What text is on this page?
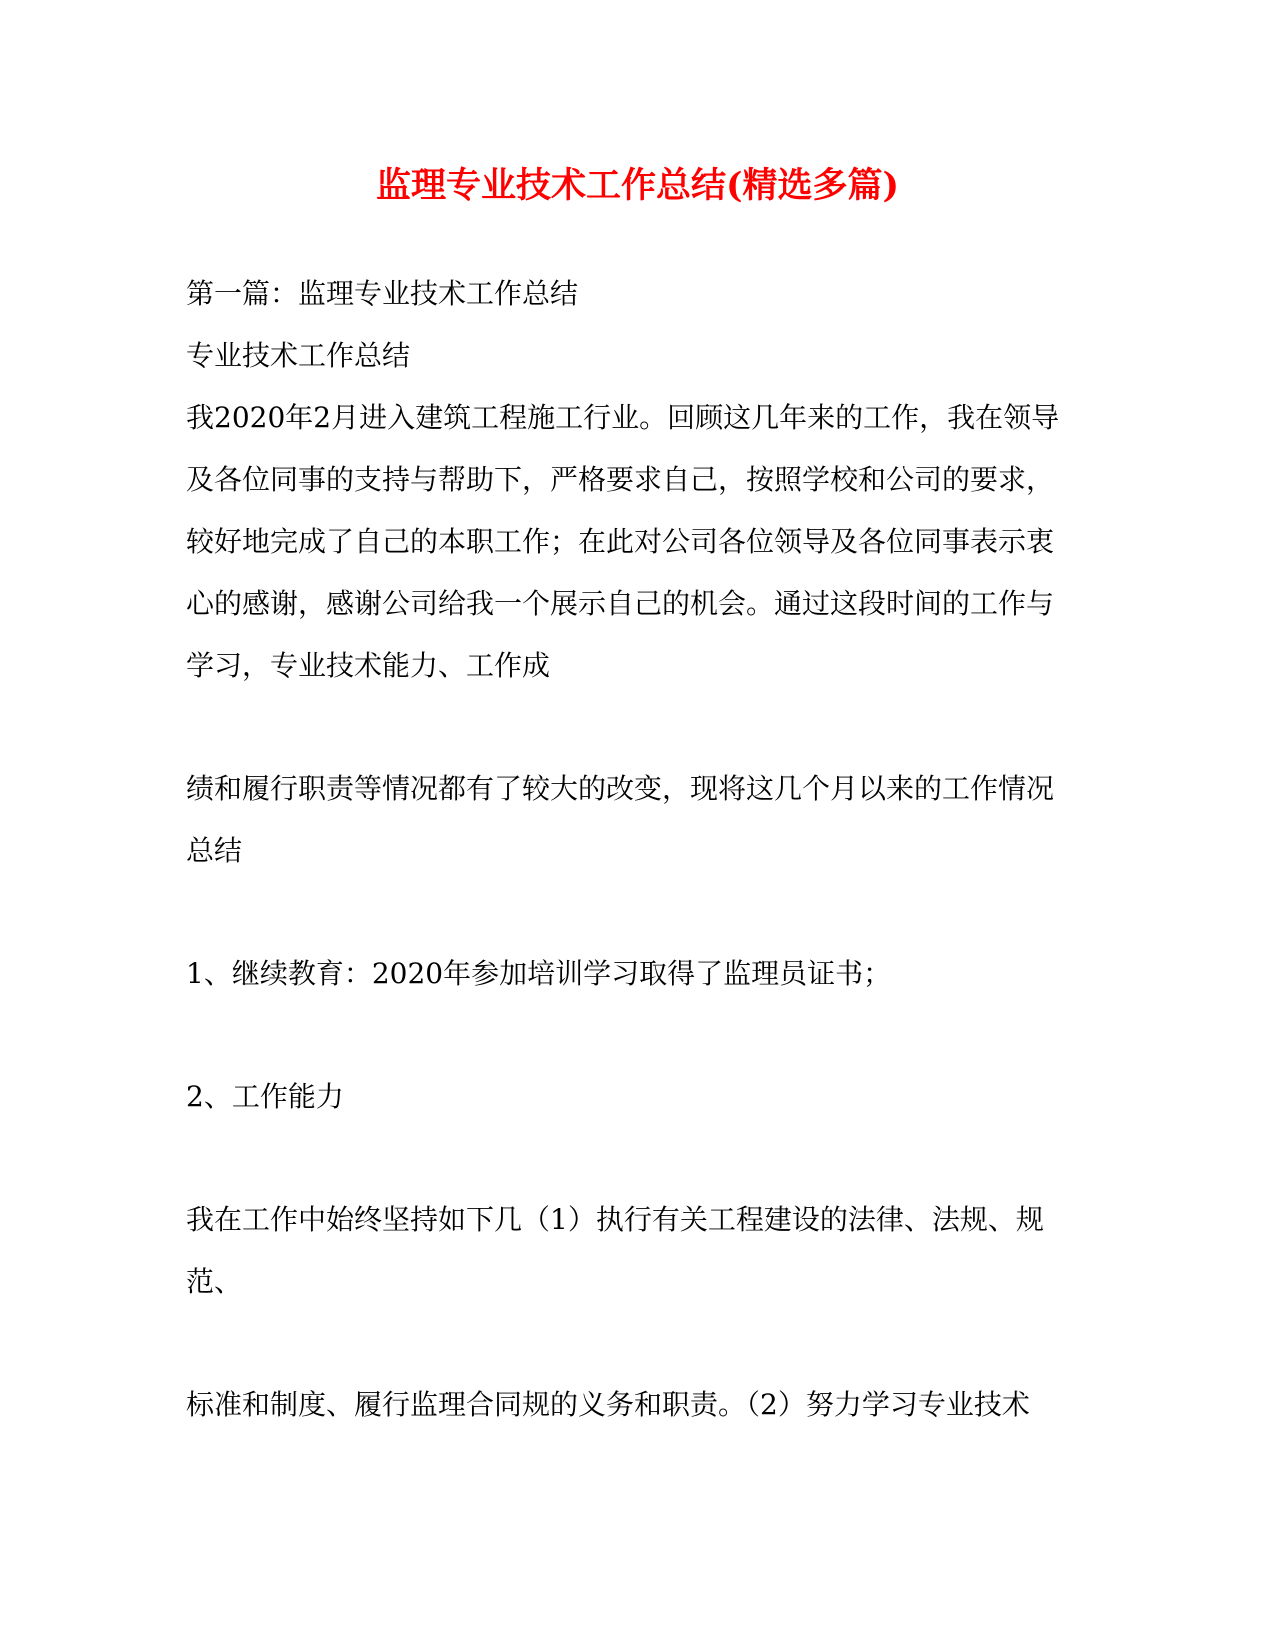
监理专业技术工作总结(精选多篇)
第一篇：监理专业技术工作总结
专业技术工作总结
我2020年2月进入建筑工程施工行业。回顾这几年来的工作，我在领导
及各位同事的支持与帮助下，严格要求自己，按照学校和公司的要求，
较好地完成了自己的本职工作；在此对公司各位领导及各位同事表示衷
心的感谢，感谢公司给我一个展示自己的机会。通过这段时间的工作与
学习，专业技术能力、工作成
绩和履行职责等情况都有了较大的改变，现将这几个月以来的工作情况
总结
1、继续教育：2020年参加培训学习取得了监理员证书；
2、工作能力
我在工作中始终坚持如下几（1）执行有关工程建设的法律、法规、规
范、
标准和制度、履行监理合同规的义务和职责。（2）努力学习专业技术
